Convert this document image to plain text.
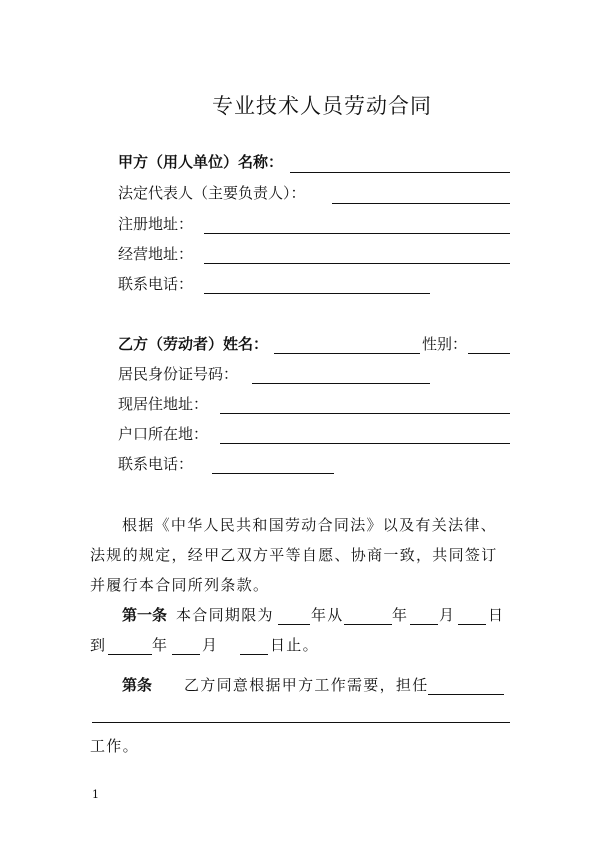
专业技术人员劳动合同
甲方（用人单位）名称：
法定代表人（主要负责人）：
注册地址：
经营地址：
联系电话：
乙方（劳动者）姓名：	性别：
居民身份证号码：
现居住地址：
户口所在地：
联系电话：
根据《中华人民共和国劳动合同法》以及有关法律、
法规的规定，经甲乙双方平等自愿、协商一致，共同签订
并履行本合同所列条款。
第一条 本合同期限为 年从	年 月 日
到	年 月	日止。
第条 乙方同意根据甲方工作需要，担任
工作。
1
